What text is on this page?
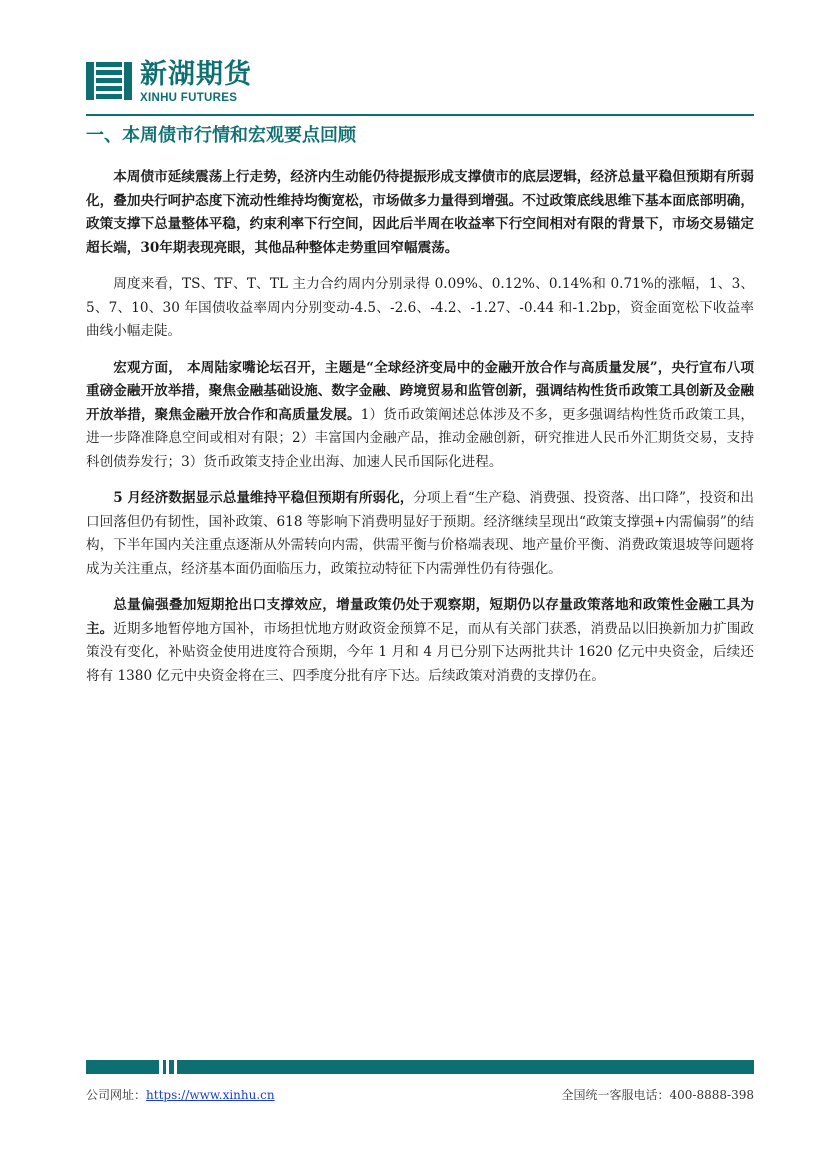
新湖期货
XINHU FUTURES
一、本周债市行情和宏观要点回顾

本周债市延续震荡上行走势，经济内生动能仍待提振形成支撑债市的底层逻辑，经济总量平稳但预期有所弱化，叠加央行呵护态度下流动性维持均衡宽松，市场做多力量得到增强。不过政策底线思维下基本面底部明确，政策支撑下总量整体平稳，约束利率下行空间，因此后半周在收益率下行空间相对有限的背景下，市场交易锚定超长端，30年期表现亮眼，其他品种整体走势重回窄幅震荡。

周度来看，TS、TF、T、TL 主力合约周内分别录得 0.09%、0.12%、0.14%和 0.71%的涨幅，1、3、5、7、10、30 年国债收益率周内分别变动-4.5、-2.6、-4.2、-1.27、-0.44 和-1.2bp，资金面宽松下收益率曲线小幅走陡。

宏观方面， 本周陆家嘴论坛召开，主题是“全球经济变局中的金融开放合作与高质量发展”，央行宣布八项重磅金融开放举措，聚焦金融基础设施、数字金融、跨境贸易和监管创新，强调结构性货币政策工具创新及金融开放举措，聚焦金融开放合作和高质量发展。1）货币政策阐述总体涉及不多，更多强调结构性货币政策工具，进一步降准降息空间或相对有限；2）丰富国内金融产品，推动金融创新，研究推进人民币外汇期货交易，支持科创债券发行；3）货币政策支持企业出海、加速人民币国际化进程。

5 月经济数据显示总量维持平稳但预期有所弱化，分项上看“生产稳、消费强、投资落、出口降”，投资和出口回落但仍有韧性，国补政策、618 等影响下消费明显好于预期。经济继续呈现出“政策支撑强+内需偏弱”的结构，下半年国内关注重点逐渐从外需转向内需，供需平衡与价格端表现、地产量价平衡、消费政策退坡等问题将成为关注重点，经济基本面仍面临压力，政策拉动特征下内需弹性仍有待强化。

总量偏强叠加短期抢出口支撑效应，增量政策仍处于观察期，短期仍以存量政策落地和政策性金融工具为主。近期多地暂停地方国补，市场担忧地方财政资金预算不足，而从有关部门获悉，消费品以旧换新加力扩围政策没有变化，补贴资金使用进度符合预期，今年 1 月和 4 月已分别下达两批共计 1620 亿元中央资金，后续还将有 1380 亿元中央资金将在三、四季度分批有序下达。后续政策对消费的支撑仍在。

公司网址：https://www.xinhu.cn	全国统一客服电话：400-8888-398
